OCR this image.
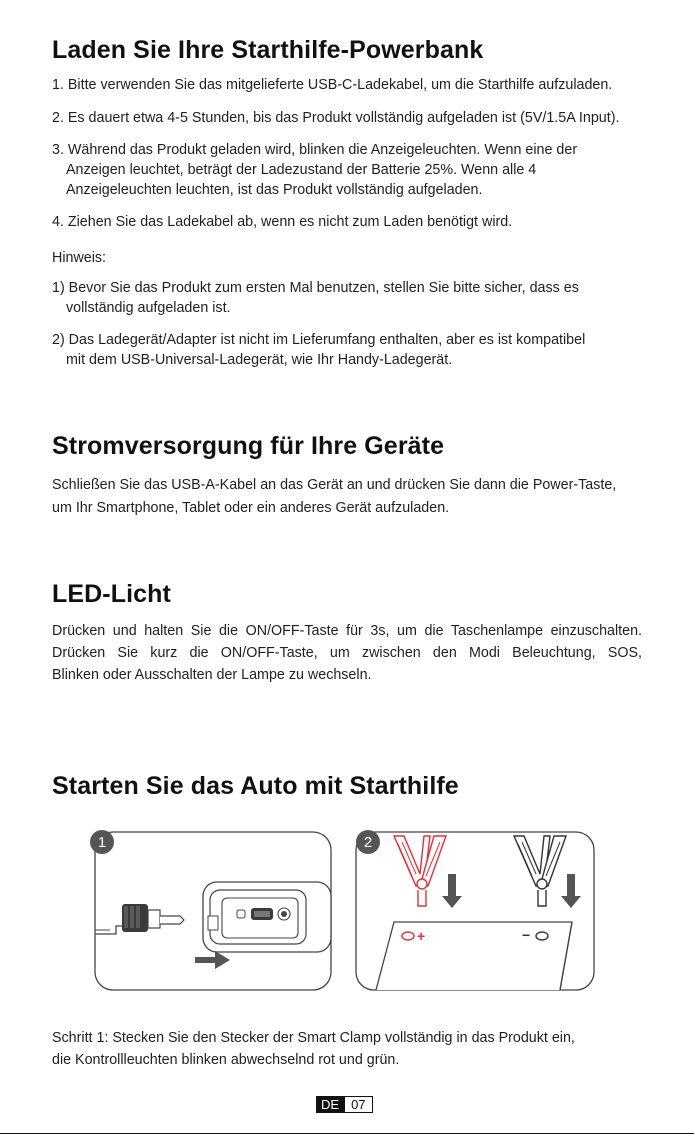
Laden Sie Ihre Starthilfe-Powerbank

1. Bitte verwenden Sie das mitgelieferte USB-C-Ladekabel, um die Starthilfe aufzuladen.

2. Es dauert etwa 4-5 Stunden, bis das Produkt vollständig aufgeladen ist (5V/1.5A Input).

3. Während das Produkt geladen wird, blinken die Anzeigeleuchten. Wenn eine der

Anzeigen leuchtet, beträgt der Ladezustand der Batterie 25%. Wenn alle 4

Anzeigeleuchten leuchten, ist das Produkt vollständig aufgeladen.

4. Ziehen Sie das Ladekabel ab, wenn es nicht zum Laden benötigt wird.

Hinweis:

1) Bevor Sie das Produkt zum ersten Mal benutzen, stellen Sie bitte sicher, dass es

vollständig aufgeladen ist.

2) Das Ladegerät/Adapter ist nicht im Lieferumfang enthalten, aber es ist kompatibel

mit dem USB-Universal-Ladegerät, wie Ihr Handy-Ladegerät.

Stromversorgung für Ihre Geräte

Schließen Sie das USB-A-Kabel an das Gerät an und drücken Sie dann die Power-Taste,

um Ihr Smartphone, Tablet oder ein anderes Gerät aufzuladen.

LED-Licht

Drücken und halten Sie die ON/OFF-Taste für 3s, um die Taschenlampe einzuschalten.

Drücken Sie kurz die ON/OFF-Taste, um zwischen den Modi Beleuchtung, SOS,

Blinken oder Ausschalten der Lampe zu wechseln.

Starten Sie das Auto mit Starthilfe
1	2
+	−

Schritt 1: Stecken Sie den Stecker der Smart Clamp vollständig in das Produkt ein,

die Kontrollleuchten blinken abwechselnd rot und grün.

DE 07
